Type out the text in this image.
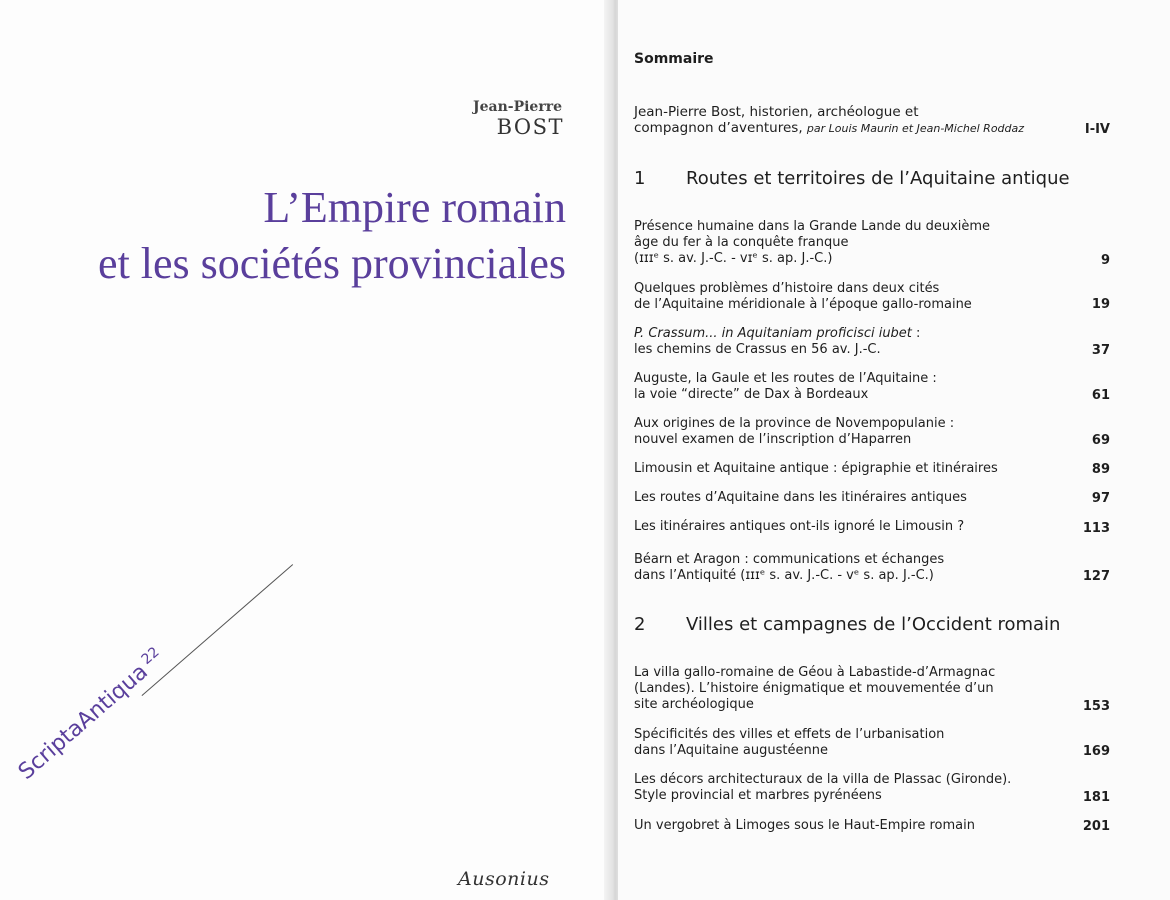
Jean-Pierre
BOST
L’Empire romain
et les sociétés provinciales
ScriptaAntiqua$^{22}$
Ausonius
Sommaire
Jean-Pierre Bost, historien, archéologue et
compagnon d’aventures, par Louis Maurin et Jean-Michel Roddaz	I-IV
1 Routes et territoires de l’Aquitaine antique
Présence humaine dans la Grande Lande du deuxième
âge du fer à la conquête franque
(ɪɪɪᵉ s. av. J.-C. - vɪᵉ s. ap. J.-C.)	9
Quelques problèmes d’histoire dans deux cités
de l’Aquitaine méridionale à l’époque gallo-romaine	19
P. Crassum... in Aquitaniam proficisci iubet :
les chemins de Crassus en 56 av. J.-C.	37
Auguste, la Gaule et les routes de l’Aquitaine :
la voie “directe” de Dax à Bordeaux	61
Aux origines de la province de Novempopulanie :
nouvel examen de l’inscription d’Haparren	69
Limousin et Aquitaine antique : épigraphie et itinéraires	89
Les routes d’Aquitaine dans les itinéraires antiques	97
Les itinéraires antiques ont-ils ignoré le Limousin ?	113
Béarn et Aragon : communications et échanges
dans l’Antiquité (ɪɪɪᵉ s. av. J.-C. - vᵉ s. ap. J.-C.)	127
2 Villes et campagnes de l’Occident romain
La villa gallo-romaine de Géou à Labastide-d’Armagnac
(Landes). L’histoire énigmatique et mouvementée d’un
site archéologique	153
Spécificités des villes et effets de l’urbanisation
dans l’Aquitaine augustéenne	169
Les décors architecturaux de la villa de Plassac (Gironde).
Style provincial et marbres pyrénéens	181
Un vergobret à Limoges sous le Haut-Empire romain	201
